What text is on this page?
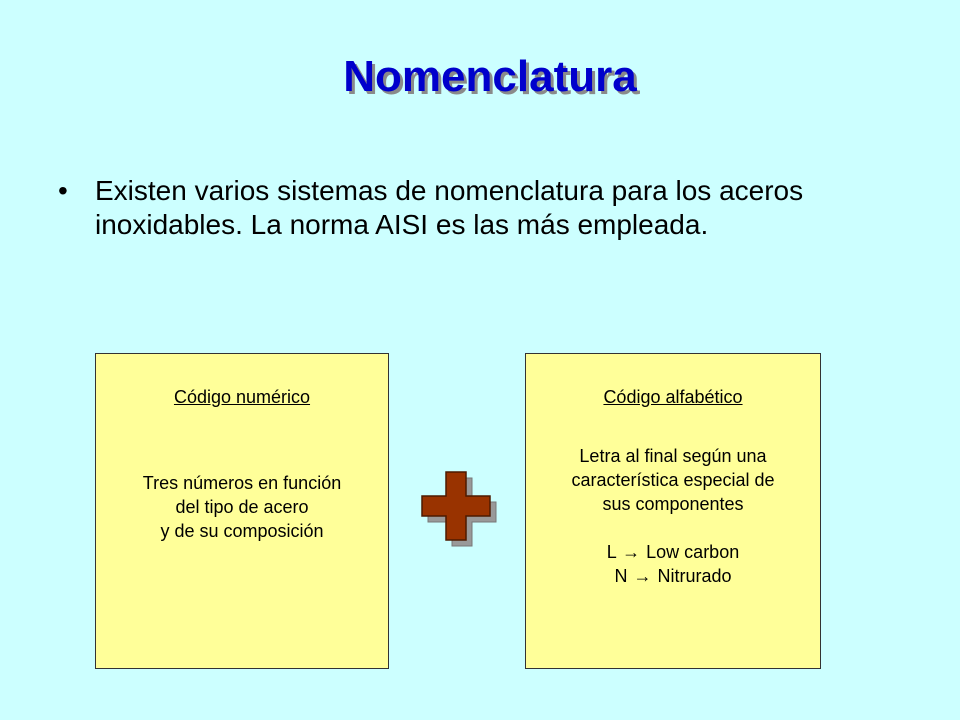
Nomenclatura
• Existen varios sistemas de nomenclatura para los aceros inoxidables. La norma AISI es las más empleada.
Código numérico
Tres números en función
del tipo de acero
y de su composición
Código alfabético
Letra al final según una
característica especial de
sus componentes

L → Low carbon
N → Nitrurado
